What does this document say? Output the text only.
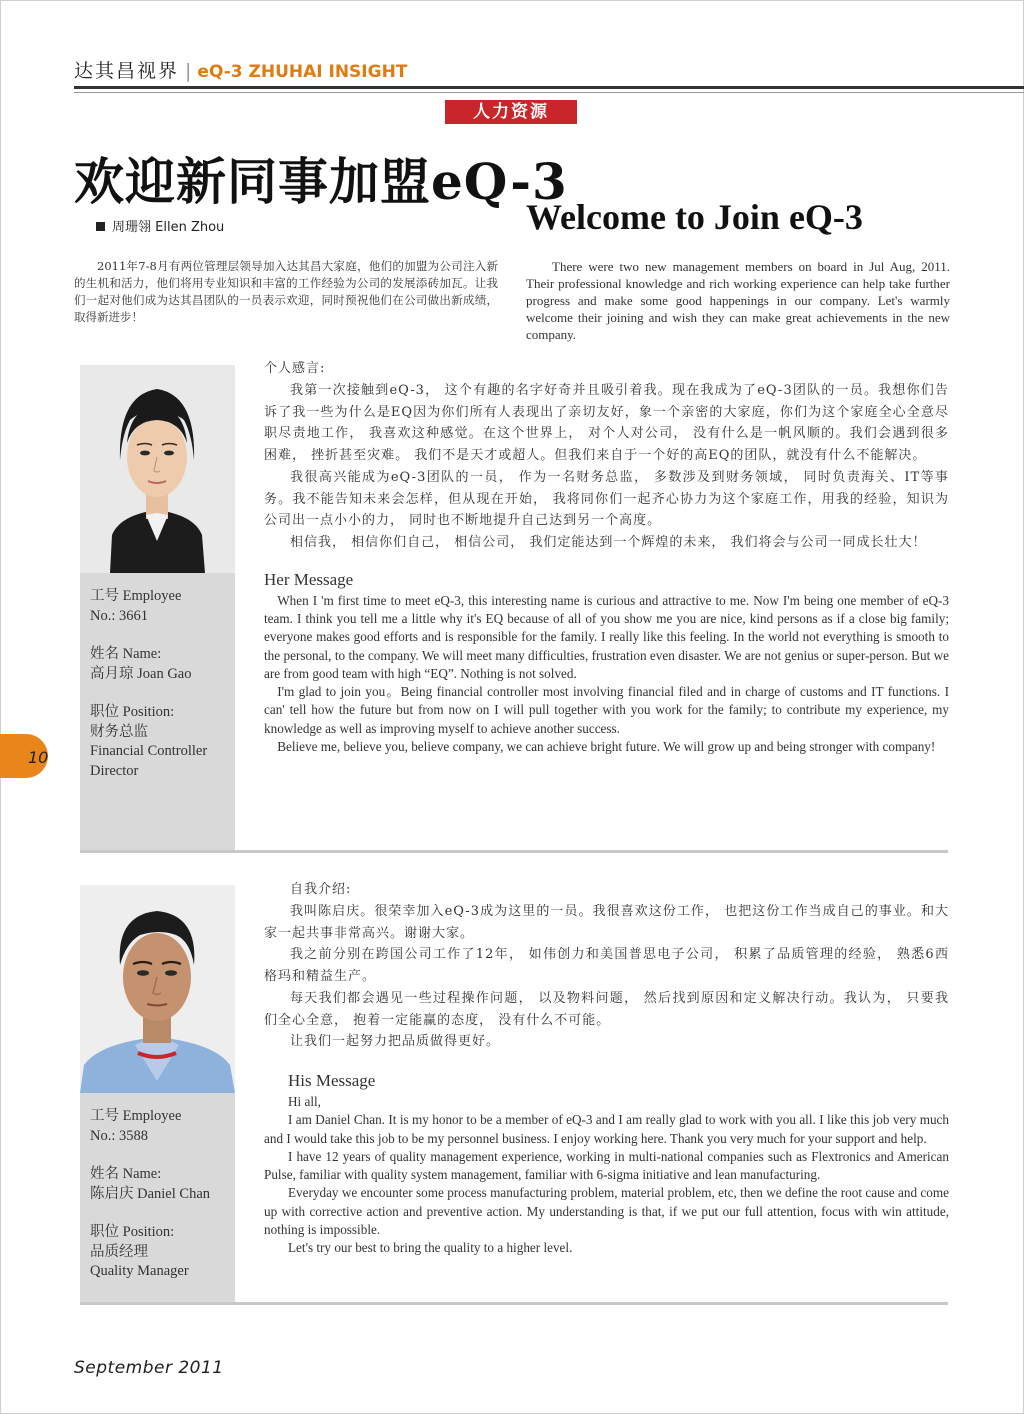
达其昌视界 | eQ-3 ZHUHAI INSIGHT
人力资源
欢迎新同事加盟eQ-3
Welcome to Join eQ-3
周珊翎 Ellen Zhou
2011年7-8月有两位管理层领导加入达其昌大家庭，他们的加盟为公司注入新的生机和活力，他们将用专业知识和丰富的工作经验为公司的发展添砖加瓦。让我们一起对他们成为达其昌团队的一员表示欢迎，同时预祝他们在公司做出新成绩，取得新进步！
There were two new management members on board in Jul Aug, 2011. Their professional knowledge and rich working experience can help take further progress and make some good happenings in our company. Let's warmly welcome their joining and wish they can make great achievements in the new company.
工号 Employee
No.: 3661
姓名 Name:
高月琼 Joan Gao
职位 Position:
财务总监
Financial Controller
Director
个人感言:
我第一次接触到eQ-3， 这个有趣的名字好奇并且吸引着我。现在我成为了eQ-3团队的一员。我想你们告诉了我一些为什么是EQ因为你们所有人表现出了亲切友好，象一个亲密的大家庭，你们为这个家庭全心全意尽职尽责地工作， 我喜欢这种感觉。在这个世界上， 对个人对公司， 没有什么是一帆风顺的。我们会遇到很多困难， 挫折甚至灾难。 我们不是天才或超人。但我们来自于一个好的高EQ的团队，就没有什么不能解决。
我很高兴能成为eQ-3团队的一员， 作为一名财务总监， 多数涉及到财务领域， 同时负责海关、IT等事务。我不能告知未来会怎样，但从现在开始， 我将同你们一起齐心协力为这个家庭工作，用我的经验，知识为公司出一点小小的力， 同时也不断地提升自己达到另一个高度。
相信我， 相信你们自己， 相信公司， 我们定能达到一个辉煌的未来， 我们将会与公司一同成长壮大！
Her Message
When I 'm first time to meet eQ-3, this interesting name is curious and attractive to me. Now I'm being one member of eQ-3 team. I think you tell me a little why it's EQ because of all of you show me you are nice, kind persons as if a close big family; everyone makes good efforts and is responsible for the family. I really like this feeling. In the world not everything is smooth to the personal, to the company. We will meet many difficulties, frustration even disaster. We are not genius or super-person. But we are from good team with high “EQ”. Nothing is not solved.
I'm glad to join you。Being financial controller most involving financial filed and in charge of customs and IT functions. I can' tell how the future but from now on I will pull together with you work for the family; to contribute my experience, my knowledge as well as improving myself to achieve another success.
Believe me, believe you, believe company, we can achieve bright future. We will grow up and being stronger with company!
工号 Employee
No.: 3588
姓名 Name:
陈启庆 Daniel Chan
职位 Position:
品质经理
Quality Manager
自我介绍:
我叫陈启庆。很荣幸加入eQ-3成为这里的一员。我很喜欢这份工作， 也把这份工作当成自己的事业。和大家一起共事非常高兴。谢谢大家。
我之前分别在跨国公司工作了12年， 如伟创力和美国普思电子公司， 积累了品质管理的经验， 熟悉6西格玛和精益生产。
每天我们都会遇见一些过程操作问题， 以及物料问题， 然后找到原因和定义解决行动。我认为， 只要我们全心全意， 抱着一定能赢的态度， 没有什么不可能。
让我们一起努力把品质做得更好。
His Message
Hi all,
I am Daniel Chan. It is my honor to be a member of eQ-3 and I am really glad to work with you all. I like this job very much and I would take this job to be my personnel business. I enjoy working here. Thank you very much for your support and help.
I have 12 years of quality management experience, working in multi-national companies such as Flextronics and American Pulse, familiar with quality system management, familiar with 6-sigma initiative and lean manufacturing.
Everyday we encounter some process manufacturing problem, material problem, etc, then we define the root cause and come up with corrective action and preventive action. My understanding is that, if we put our full attention, focus with win attitude, nothing is impossible.
Let's try our best to bring the quality to a higher level.
10
September 2011
